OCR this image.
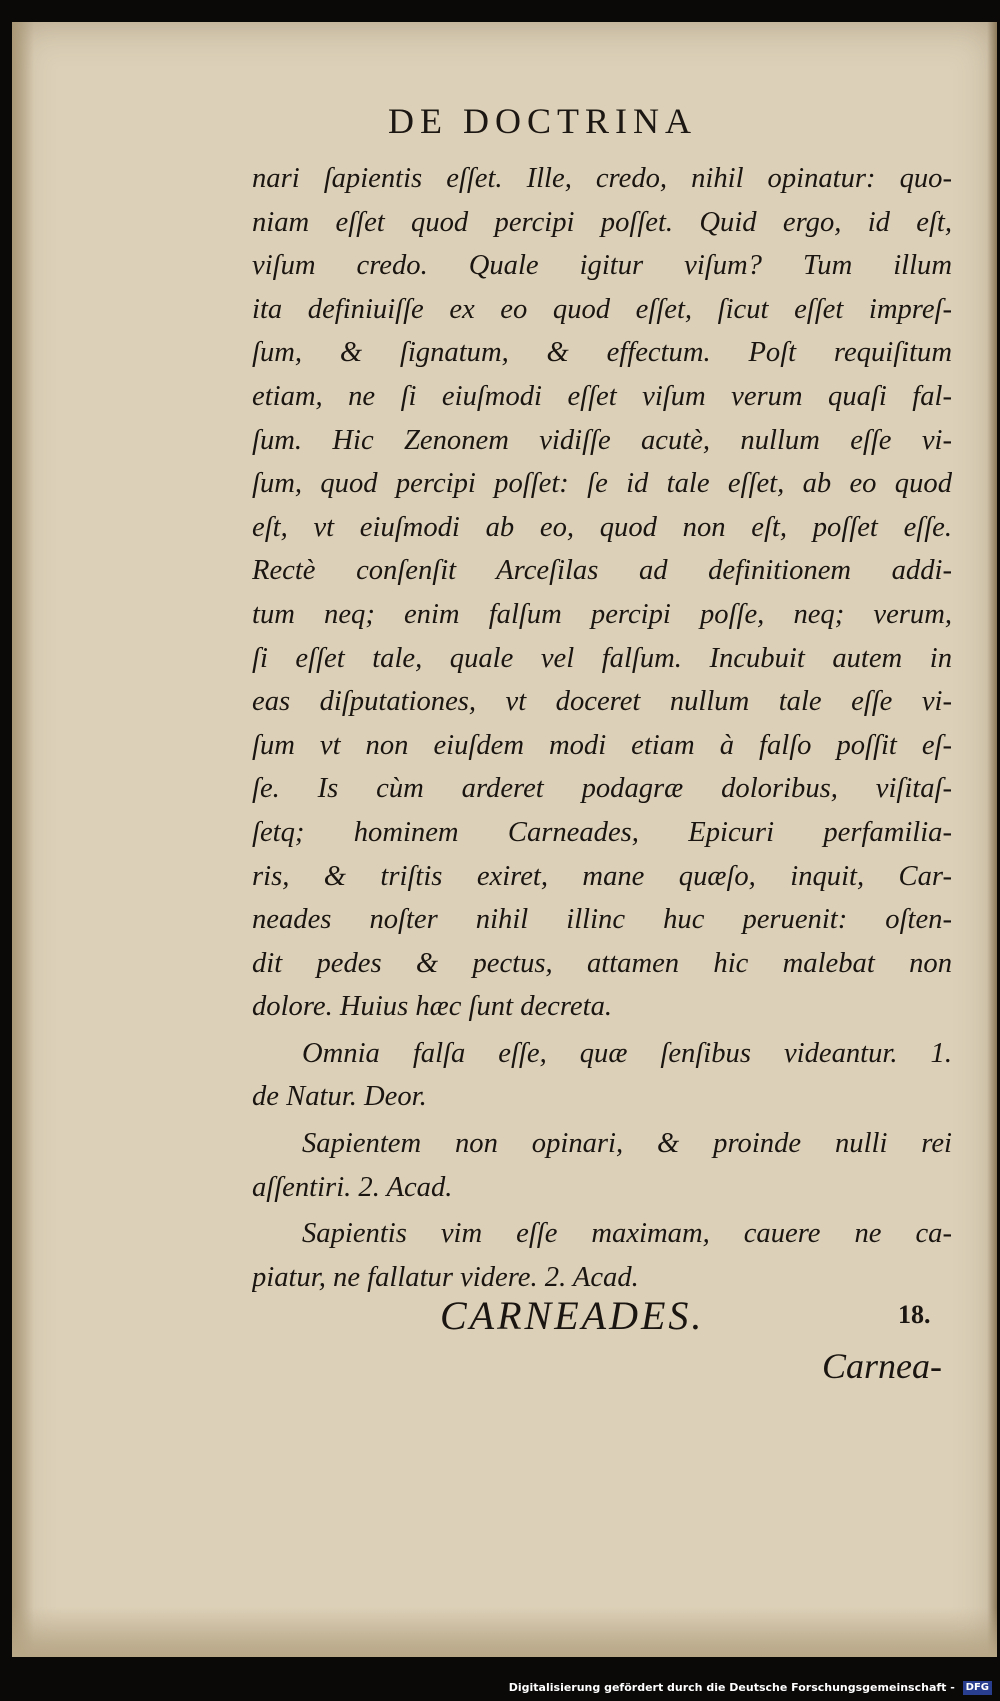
DE DOCTRINA
nari ſapientis eſſet. Ille, credo, nihil opinatur: quo-
niam eſſet quod percipi poſſet. Quid ergo, id eſt,
viſum credo. Quale igitur viſum? Tum illum
ita definiuiſſe ex eo quod eſſet, ſicut eſſet impreſ-
ſum, & ſignatum, & effectum. Poſt requiſitum
etiam, ne ſi eiuſmodi eſſet viſum verum quaſi fal-
ſum. Hic Zenonem vidiſſe acutè, nullum eſſe vi-
ſum, quod percipi poſſet: ſe id tale eſſet, ab eo quod
eſt, vt eiuſmodi ab eo, quod non eſt, poſſet eſſe.
Rectè conſenſit Arceſilas ad definitionem addi-
tum neq; enim falſum percipi poſſe, neq; verum,
ſi eſſet tale, quale vel falſum. Incubuit autem in
eas diſputationes, vt doceret nullum tale eſſe vi-
ſum vt non eiuſdem modi etiam à falſo poſſit eſ-
ſe. Is cùm arderet podagræ doloribus, viſitaſ-
ſetq; hominem Carneades, Epicuri perfamilia-
ris, & triſtis exiret, mane quæſo, inquit, Car-
neades noſter nihil illinc huc peruenit: oſten-
dit pedes & pectus, attamen hic malebat non
dolore. Huius hæc ſunt decreta.
Omnia falſa eſſe, quæ ſenſibus videantur. 1.
de Natur. Deor.
Sapientem non opinari, & proinde nulli rei
aſſentiri. 2. Acad.
Sapientis vim eſſe maximam, cauere ne ca-
piatur, ne fallatur videre. 2. Acad.
CARNEADES.	18.
Carnea-
Digitalisierung gefördert durch die Deutsche Forschungsgemeinschaft - DFG
